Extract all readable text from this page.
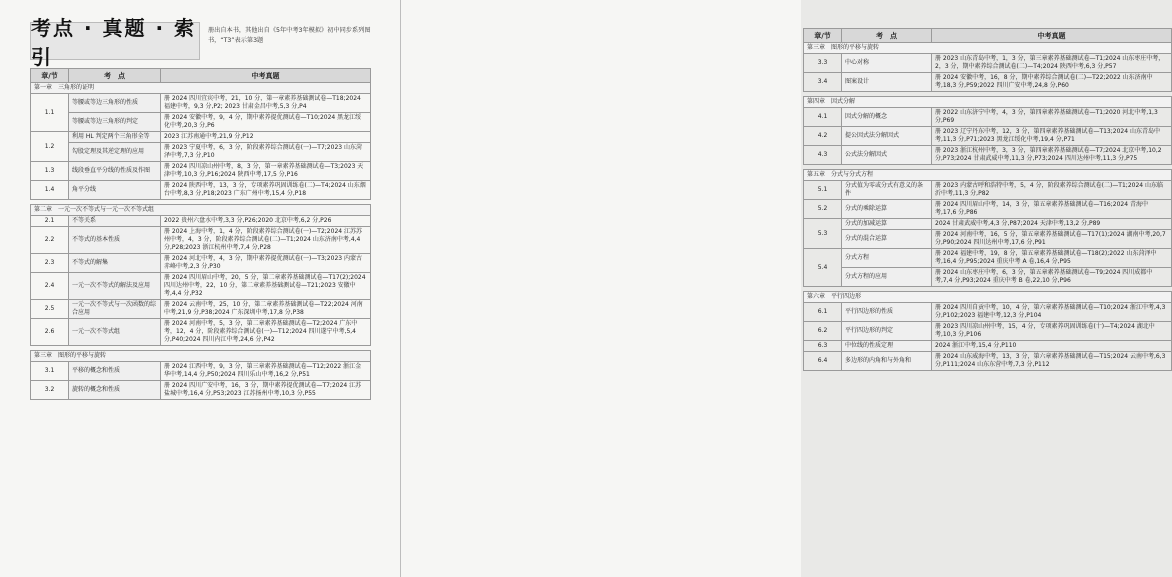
考点 · 真题 · 索引
册出自本书，其他出自《5年中考3年模拟》初中同步系列图书，“T3”表示第3题
章/节	考　点	中考真题
第一章　三角形的证明		
1.1	等腰或等边三角形的性质	册 2024 四川宜宾中考，21，10 分，第一章素养基础测试卷—T18;2024 福建中考，9,3 分,P2; 2023 甘肃金昌中考,5,3 分,P4
	等腰或等边三角形的判定	册 2024 安徽中考，9，4 分，期中素养提优测试卷—T10;2024 黑龙江绥化中考,20,3 分,P6
1.2	利用 HL 判定两个三角形全等	2023 江苏南通中考,21,9 分,P12
	勾股定理及其逆定理的应用	册 2023 宁夏中考，6，3 分，阶段素养综合测试卷(一)—T7;2023 山东菏泽中考,7,3 分,P10
1.3	线段垂直平分线的性质及作图	册 2024 四川凉山州中考，8，3 分，第一章素养基础测试卷—T3;2023 天津中考,10,3 分,P16;2024 陕西中考,17,5 分,P16
1.4	角平分线	册 2024 陕西中考，13，3 分，专项素养巩固训练卷(二)—T4;2024 山东烟台中考,8,3 分,P18;2023 广东广州中考,15,4 分,P18

第二章　一元一次不等式与一元一次不等式组		
2.1	不等关系	2022 贵州六盘水中考,3,3 分,P26;2020 北京中考,6,2 分,P26
2.2	不等式的基本性质	册 2024 上海中考，1，4 分，阶段素养综合测试卷(一)—T2;2024 江苏苏州中考，4，3 分，阶段素养综合测试卷(二)—T1;2024 山东济南中考,4,4 分,P28;2023 浙江杭州中考,7,4 分,P28
2.3	不等式的解集	册 2024 河北中考，4，3 分，期中素养提优测试卷(一)—T3;2023 内蒙古赤峰中考,2,3 分,P30
2.4	一元一次不等式的解法及应用	册 2024 四川眉山中考，20，5 分，第二章素养基础测试卷—T17(2);2024 四川达州中考，22，10 分，第二章素养基础测试卷—T21;2023 安徽中考,4,4 分,P32
2.5	一元一次不等式与一次函数的综合应用	册 2024 云南中考，25，10 分，第二章素养基础测试卷—T22;2024 河南中考,21,9 分,P38;2024 广东深圳中考,17,8 分,P38
2.6	一元一次不等式组	册 2024 河南中考，5，3 分，第二章素养基础测试卷—T2;2024 广东中考，12，4 分，阶段素养综合测试卷(一)—T12;2024 四川遂宁中考,5,4 分,P40;2024 四川内江中考,24,6 分,P42

第三章　图形的平移与旋转		
3.1	平移的概念和性质	册 2024 江西中考，9，3 分，第三章素养基础测试卷—T12;2022 浙江金华中考,14,4 分,P50;2024 四川乐山中考,16,2 分,P51
3.2	旋转的概念和性质	册 2024 四川广安中考，16，3 分，期中素养提优测试卷—T7;2024 江苏盐城中考,16,4 分,P53;2023 江苏扬州中考,10,3 分,P55
章/节	考　点	中考真题
第三章　图形的平移与旋转		
3.3	中心对称	册 2023 山东青岛中考，1，3 分，第三章素养基础测试卷—T1;2024 山东枣庄中考，2，3 分，期中素养综合测试卷(二)—T4;2024 陕西中考,6,3 分,P57
3.4	图案设计	册 2024 安徽中考，16，8 分，期中素养综合测试卷(二)—T22;2022 山东济南中考,18,3 分,P59;2022 四川广安中考,24,8 分,P60

第四章　因式分解		
4.1	因式分解的概念	册 2022 山东济宁中考，4，3 分，第四章素养基础测试卷—T1;2020 河北中考,1,3 分,P69
4.2	提公因式法分解因式	册 2023 辽宁丹东中考，12，3 分，第四章素养基础测试卷—T13;2024 山东青岛中考,11,3 分,P71;2023 黑龙江绥化中考,19,4 分,P71
4.3	公式法分解因式	册 2023 浙江杭州中考，3，3 分，第四章素养基础测试卷—T7;2024 北京中考,10,2 分,P73;2024 甘肃武威中考,11,3 分,P73;2024 四川达州中考,11,3 分,P75

第五章　分式与分式方程		
5.1	分式值为零或分式有意义的条件	册 2023 内蒙古呼和浩特中考，5，4 分，阶段素养综合测试卷(二)—T1;2024 山东临沂中考,11,3 分,P82
5.2	分式的乘除运算	册 2024 四川眉山中考，14，3 分，第五章素养基础测试卷—T16;2024 青海中考,17,6 分,P86
5.3	分式的加减运算	2024 甘肃武威中考,4,3 分,P87;2024 天津中考,13,2 分,P89
	分式的混合运算	册 2024 河南中考，16，5 分，第五章素养基础测试卷—T17(1);2024 湖南中考,20,7 分,P90;2024 四川达州中考,17,6 分,P91
5.4	分式方程	册 2024 福建中考，19，8 分，第五章素养基础测试卷—T18(2);2022 山东菏泽中考,16,4 分,P95;2024 重庆中考 A 卷,16,4 分,P95
	分式方程的应用	册 2024 山东枣庄中考，6，3 分，第五章素养基础测试卷—T9;2024 四川成都中考,7,4 分,P93;2024 重庆中考 B 卷,22,10 分,P96

第六章　平行四边形		
6.1	平行四边形的性质	册 2024 四川自贡中考，10，4 分，第六章素养基础测试卷—T10;2024 浙江中考,4,3 分,P102;2023 福建中考,12,3 分,P104
6.2	平行四边形的判定	册 2023 四川凉山州中考，15，4 分，专项素养巩固训练卷(十)—T4;2024 湖北中考,10,3 分,P106
6.3	中位线的性质定理	2024 浙江中考,15,4 分,P110
6.4	多边形的内角和与外角和	册 2024 山东威海中考，13，3 分，第六章素养基础测试卷—T15;2024 云南中考,6,3 分,P111;2024 山东东营中考,7,3 分,P112
